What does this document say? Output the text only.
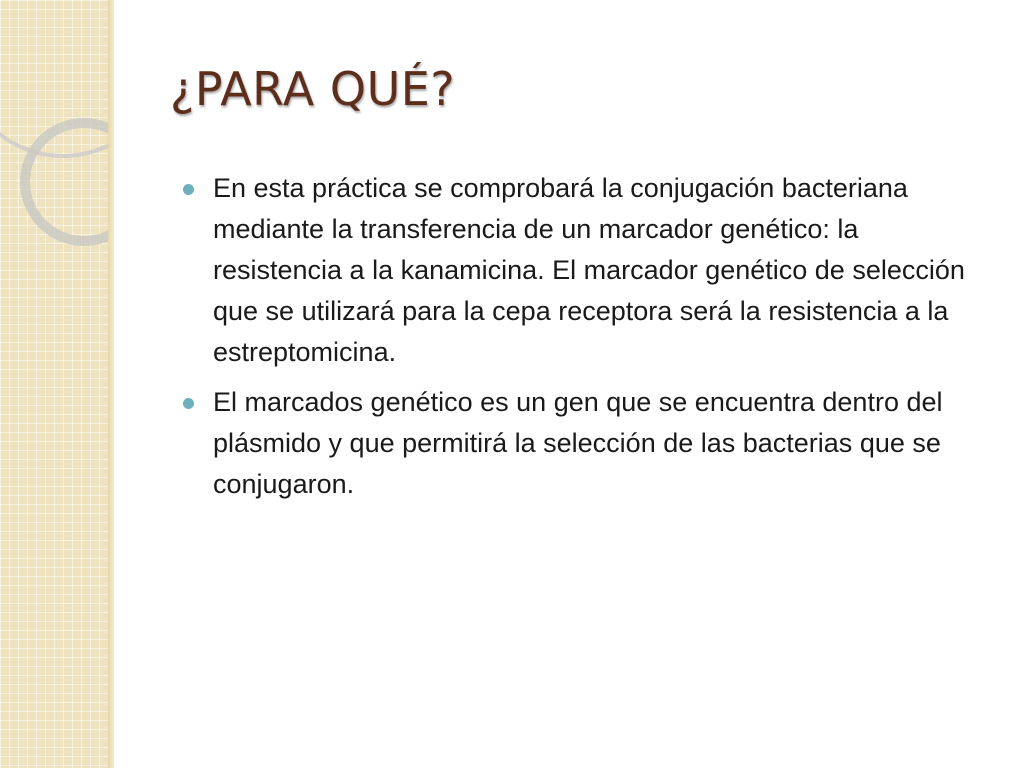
¿PARA QUÉ?
En esta práctica se comprobará la conjugación bacteriana mediante la transferencia de un marcador genético: la resistencia a la kanamicina. El marcador genético de selección que se utilizará para la cepa receptora será la resistencia a la estreptomicina.
El marcados genético es un gen que se encuentra dentro del plásmido y que permitirá la selección de las bacterias que se conjugaron.
